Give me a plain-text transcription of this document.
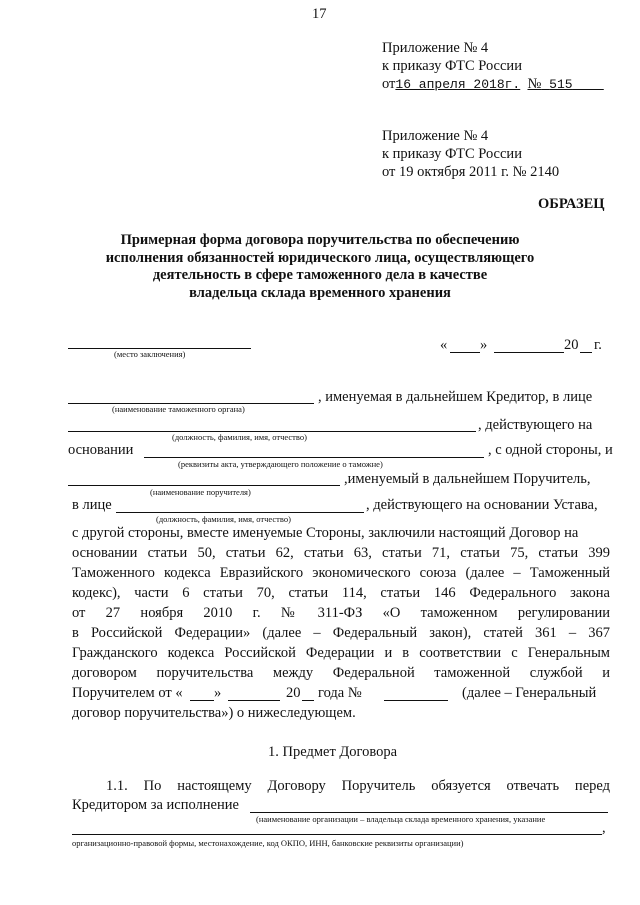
17
Приложение № 4
к приказу ФТС России
от16 апреля 2018г. № 515
Приложение № 4
к приказу ФТС России
от 19 октября 2011 г. № 2140
ОБРАЗЕЦ
Примерная форма договора поручительства по обеспечению
исполнения обязанностей юридического лица, осуществляющего
деятельность в сфере таможенного дела в качестве
владельца склада временного хранения
(место заключения)
« »	20 г.
, именуемая в дальнейшем Кредитор, в лице
(наименование таможенного органа)
, действующего на
(должность, фамилия, имя, отчество)
основании	, с одной стороны, и
(реквизиты акта, утверждающего положение о таможне)
,именуемый в дальнейшем Поручитель,
(наименование поручителя)
в лице	, действующего на основании Устава,
(должность, фамилия, имя, отчество)
с другой стороны, вместе именуемые Стороны, заключили настоящий Договор на
основании статьи 50, статьи 62, статьи 63, статьи 71, статьи 75, статьи 399
Таможенного кодекса Евразийского экономического союза (далее – Таможенный
кодекс), части 6 статьи 70, статьи 114, статьи 146 Федерального закона
от 27 ноября 2010 г. № 311-ФЗ «О таможенном регулировании
в Российской Федерации» (далее – Федеральный закон), статей 361 – 367
Гражданского кодекса Российской Федерации и в соответствии с Генеральным
договором поручительства между Федеральной таможенной службой и
Поручителем от « »	20 года №	(далее – Генеральный
договор поручительства») о нижеследующем.
1. Предмет Договора
1.1. По настоящему Договору Поручитель обязуется отвечать перед
Кредитором за исполнение
(наименование организации – владельца склада временного хранения, указание
,
организационно-правовой формы, местонахождение, код ОКПО, ИНН, банковские реквизиты организации)
